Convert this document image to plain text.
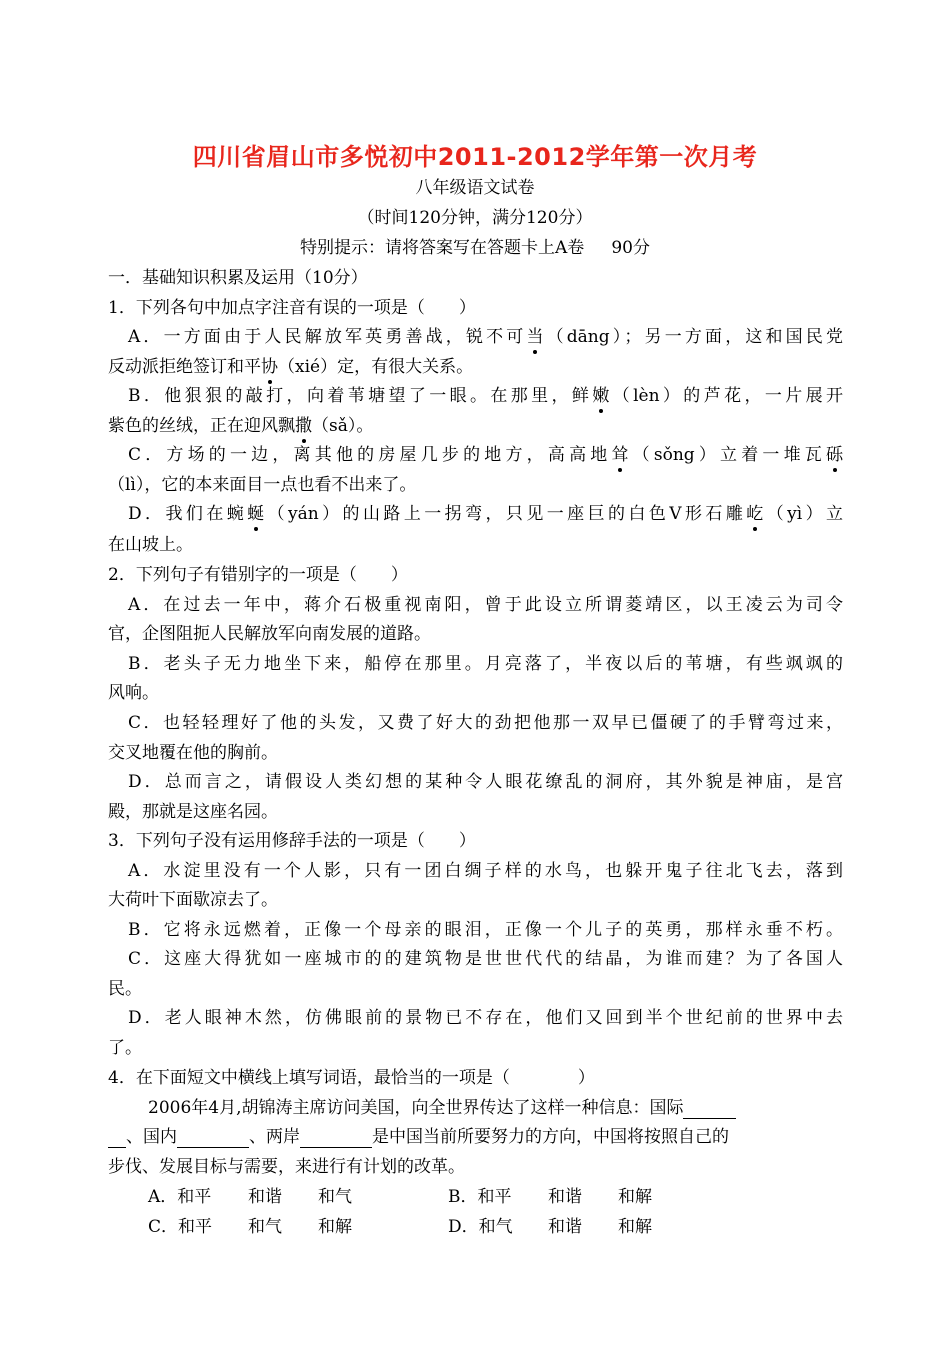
四川省眉山市多悦初中2011-2012学年第一次月考
八年级语文试卷
（时间120分钟，满分120分）
特别提示：请将答案写在答题卡上A卷     90分
一．基础知识积累及运用（10分）
1．下列各句中加点字注音有误的一项是（　　）
A．一方面由于人民解放军英勇善战，锐不可当（dāng）；另一方面，这和国民党
反动派拒绝签订和平协（xié）定，有很大关系。
B．他狠狠的敲打，向着苇塘望了一眼。在那里，鲜嫩（lèn）的芦花，一片展开
紫色的丝绒，正在迎风飘撒（sǎ）。
C．方场的一边，离其他的房屋几步的地方，高高地耸（sǒng）立着一堆瓦砾
（lì），它的本来面目一点也看不出来了。
D．我们在蜿蜒（yán）的山路上一拐弯，只见一座巨的白色V形石雕屹（yì）立
在山坡上。
2．下列句子有错别字的一项是（　　）
A．在过去一年中，蒋介石极重视南阳，曾于此设立所谓菱靖区，以王凌云为司令
官，企图阻扼人民解放军向南发展的道路。
B．老头子无力地坐下来，船停在那里。月亮落了，半夜以后的苇塘，有些飒飒的
风响。
C．也轻轻理好了他的头发，又费了好大的劲把他那一双早已僵硬了的手臂弯过来，
交叉地覆在他的胸前。
D．总而言之，请假设人类幻想的某种令人眼花缭乱的洞府，其外貌是神庙，是宫
殿，那就是这座名园。
3．下列句子没有运用修辞手法的一项是（　　）
A．水淀里没有一个人影，只有一团白绸子样的水鸟，也躲开鬼子往北飞去，落到
大荷叶下面歇凉去了。
B．它将永远燃着，正像一个母亲的眼泪，正像一个儿子的英勇，那样永垂不朽。
C．这座大得犹如一座城市的的建筑物是世世代代的结晶，为谁而建？为了各国人
民。
D．老人眼神木然，仿佛眼前的景物已不存在，他们又回到半个世纪前的世界中去
了。
4．在下面短文中横线上填写词语，最恰当的一项是（　　　　）
2006年4月,胡锦涛主席访问美国，向全世界传达了这样一种信息：国际
、国内	、两岸	是中国当前所要努力的方向，中国将按照自己的
步伐、发展目标与需要，来进行有计划的改革。
A．和平 和谐 和气	B．和平 和谐 和解
C．和平 和气 和解	D．和气 和谐 和解
